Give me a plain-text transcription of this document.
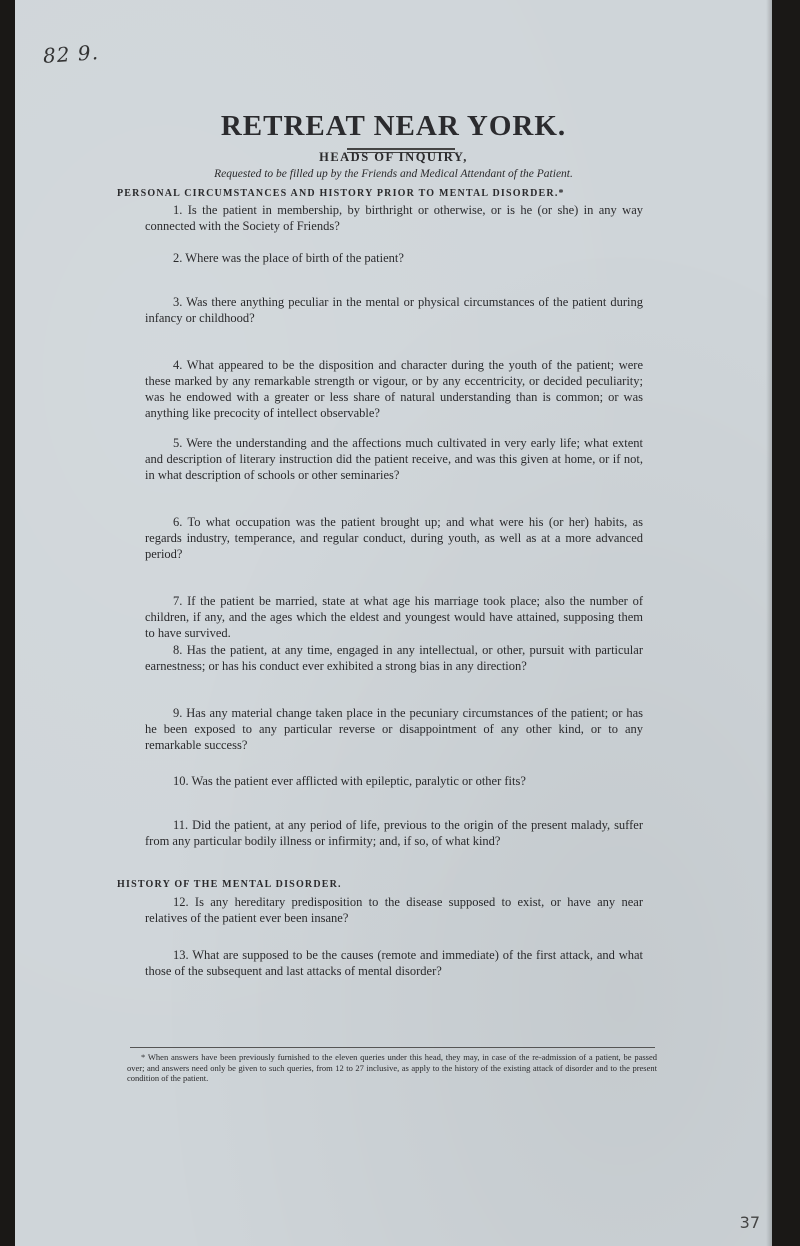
82 9.
RETREAT NEAR YORK.
HEADS OF INQUIRY,
Requested to be filled up by the Friends and Medical Attendant of the Patient.
PERSONAL CIRCUMSTANCES AND HISTORY PRIOR TO MENTAL DISORDER.*
1. Is the patient in membership, by birthright or otherwise, or is he (or she) in any way connected with the Society of Friends?
2. Where was the place of birth of the patient?
3. Was there anything peculiar in the mental or physical circumstances of the patient during infancy or childhood?
4. What appeared to be the disposition and character during the youth of the patient; were these marked by any remarkable strength or vigour, or by any eccentricity, or decided peculiarity; was he endowed with a greater or less share of natural understanding than is common; or was anything like precocity of intellect observable?
5. Were the understanding and the affections much cultivated in very early life; what extent and description of literary instruction did the patient receive, and was this given at home, or if not, in what description of schools or other seminaries?
6. To what occupation was the patient brought up; and what were his (or her) habits, as regards industry, temperance, and regular conduct, during youth, as well as at a more advanced period?
7. If the patient be married, state at what age his marriage took place; also the number of children, if any, and the ages which the eldest and youngest would have attained, supposing them to have survived.
8. Has the patient, at any time, engaged in any intellectual, or other, pursuit with particular earnestness; or has his conduct ever exhibited a strong bias in any direction?
9. Has any material change taken place in the pecuniary circumstances of the patient; or has he been exposed to any particular reverse or disappointment of any other kind, or to any remarkable success?
10. Was the patient ever afflicted with epileptic, paralytic or other fits?
11. Did the patient, at any period of life, previous to the origin of the present malady, suffer from any particular bodily illness or infirmity; and, if so, of what kind?
HISTORY OF THE MENTAL DISORDER.
12. Is any hereditary predisposition to the disease supposed to exist, or have any near relatives of the patient ever been insane?
13. What are supposed to be the causes (remote and immediate) of the first attack, and what those of the subsequent and last attacks of mental disorder?
* When answers have been previously furnished to the eleven queries under this head, they may, in case of the re-admission of a patient, be passed over; and answers need only be given to such queries, from 12 to 27 inclusive, as apply to the history of the existing attack of disorder and to the present condition of the patient.
37
